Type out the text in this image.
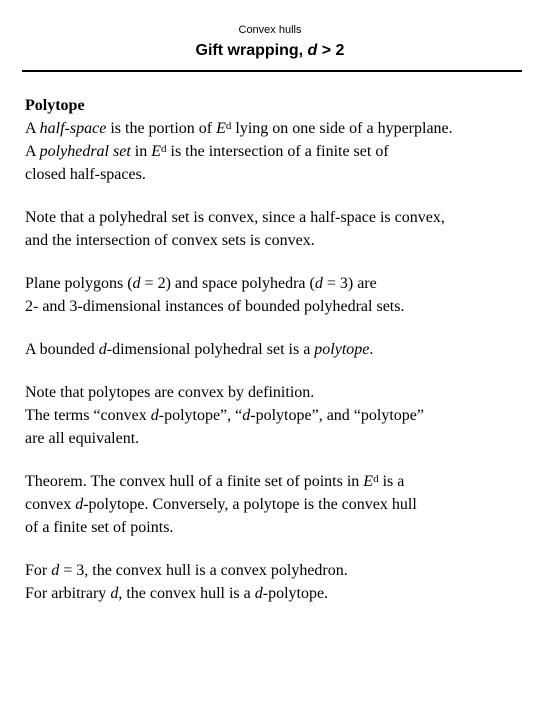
Convex hulls
Gift wrapping, d > 2
Polytope
A half-space is the portion of $E^d$ lying on one side of a hyperplane.
A polyhedral set in $E^d$ is the intersection of a finite set of
closed half-spaces.
Note that a polyhedral set is convex, since a half-space is convex,
and the intersection of convex sets is convex.
Plane polygons (d = 2) and space polyhedra (d = 3) are
2- and 3-dimensional instances of bounded polyhedral sets.
A bounded d-dimensional polyhedral set is a polytope.
Note that polytopes are convex by definition.
The terms “convex d-polytope”, “d-polytope”, and “polytope”
are all equivalent.
Theorem. The convex hull of a finite set of points in $E^d$ is a
convex d-polytope. Conversely, a polytope is the convex hull
of a finite set of points.
For d = 3, the convex hull is a convex polyhedron.
For arbitrary d, the convex hull is a d-polytope.
